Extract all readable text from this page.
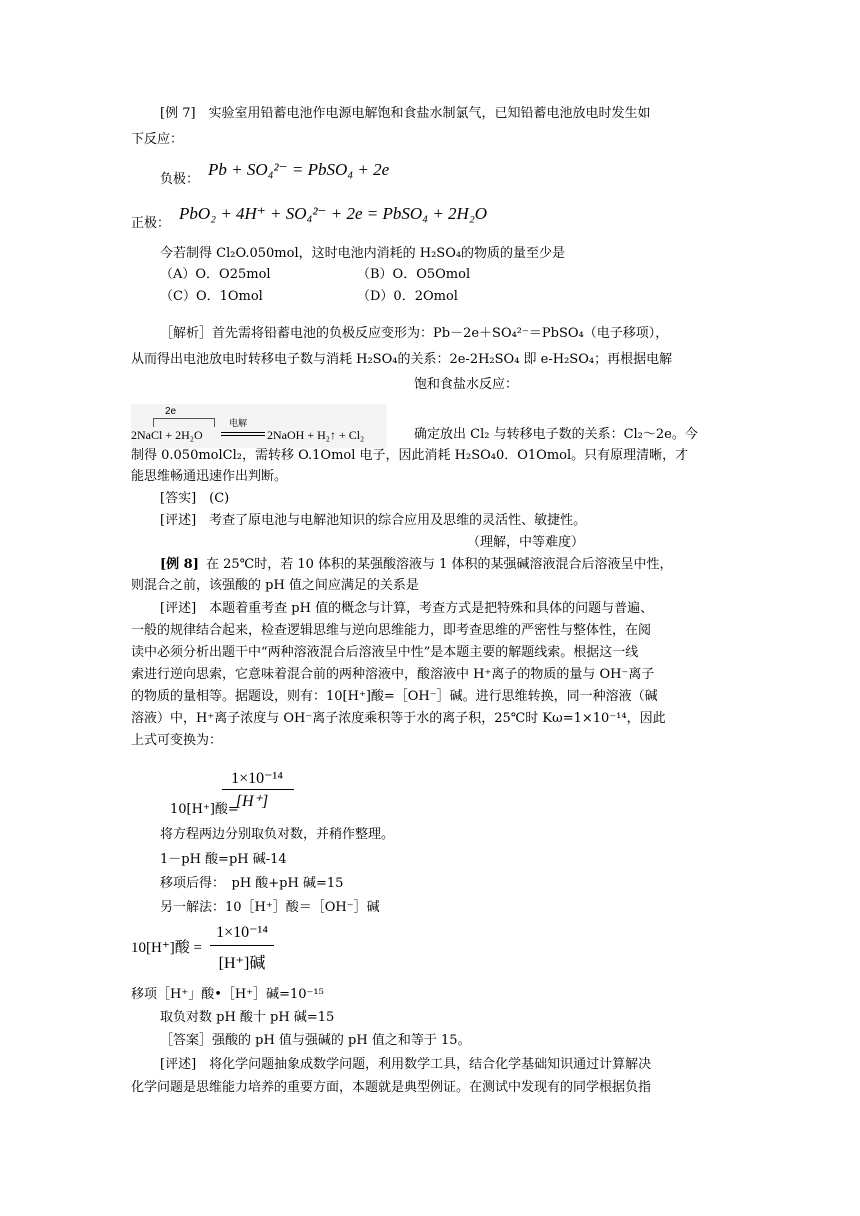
[例 7]　实验室用铅蓄电池作电源电解饱和食盐水制氯气，已知铅蓄电池放电时发生如
下反应：
负极：
Pb + SO₄²⁻ = PbSO₄ + 2e
正极：
PbO₂ + 4H⁺ + SO₄²⁻ + 2e = PbSO₄ + 2H₂O
今若制得 Cl₂O.050mol，这时电池内消耗的 H₂SO₄的物质的量至少是
（A）O．O25mol	（B）O．O5Omol
（C）O．1Omol	（D）0．2Omol
［解析］首先需将铅蓄电池的负极反应变形为：Pb－2e＋SO₄²⁻＝PbSO₄（电子移项），
从而得出电池放电时转移电子数与消耗 H₂SO₄的关系：2e-2H₂SO₄ 即 e-H₂SO₄；再根据电解
饱和食盐水反应：
2e
2NaCl + 2H₂O
电解
2NaOH + H₂↑ + Cl₂	确定放出 Cl₂ 与转移电子数的关系：Cl₂～2e。今
制得 0.050molCl₂，需转移 O.1Omol 电子，因此消耗 H₂SO₄0．O1Omol。只有原理清晰，才
能思维畅通迅速作出判断。
[答实]　(C)
[评述]　考查了原电池与电解池知识的综合应用及思维的灵活性、敏捷性。
（理解，中等难度）
[例 8] 在 25℃时，若 10 体积的某强酸溶液与 1 体积的某强碱溶液混合后溶液呈中性，
则混合之前，该强酸的 pH 值之间应满足的关系是
[评述]　本题着重考查 pH 值的概念与计算，考查方式是把特殊和具体的问题与普遍、
一般的规律结合起来，检查逻辑思维与逆向思维能力，即考查思维的严密性与整体性，在阅
读中必须分析出题干中“两种溶液混合后溶液呈中性”是本题主要的解题线索。根据这一线
索进行逆向思索，它意味着混合前的两种溶液中，酸溶液中 H⁺离子的物质的量与 OH⁻离子
的物质的量相等。据题设，则有：10[H⁺]酸=［OH⁻］碱。进行思维转换，同一种溶液（碱
溶液）中，H⁺离子浓度与 OH⁻离子浓度乘积等于水的离子积，25℃时 Kω=1×10⁻¹⁴，因此
上式可变换为：
1×10⁻¹⁴
[H⁺]
10[H⁺]酸=
将方程两边分别取负对数，并稍作整理。
1－pH 酸=pH 碱-14
移项后得：　pH 酸+pH 碱=15
另一解法：10［H⁺］酸＝［OH⁻］碱
10[H⁺]酸 =
1×10⁻¹⁴
[H⁺]碱
移项［H⁺」酸•［H⁺］碱=10⁻¹⁵
取负对数 pH 酸十 pH 碱=15
［答案］强酸的 pH 值与强碱的 pH 值之和等于 15。
[评述]　将化学问题抽象成数学问题，利用数学工具，结合化学基础知识通过计算解决
化学问题是思维能力培养的重要方面，本题就是典型例证。在测试中发现有的同学根据负指
